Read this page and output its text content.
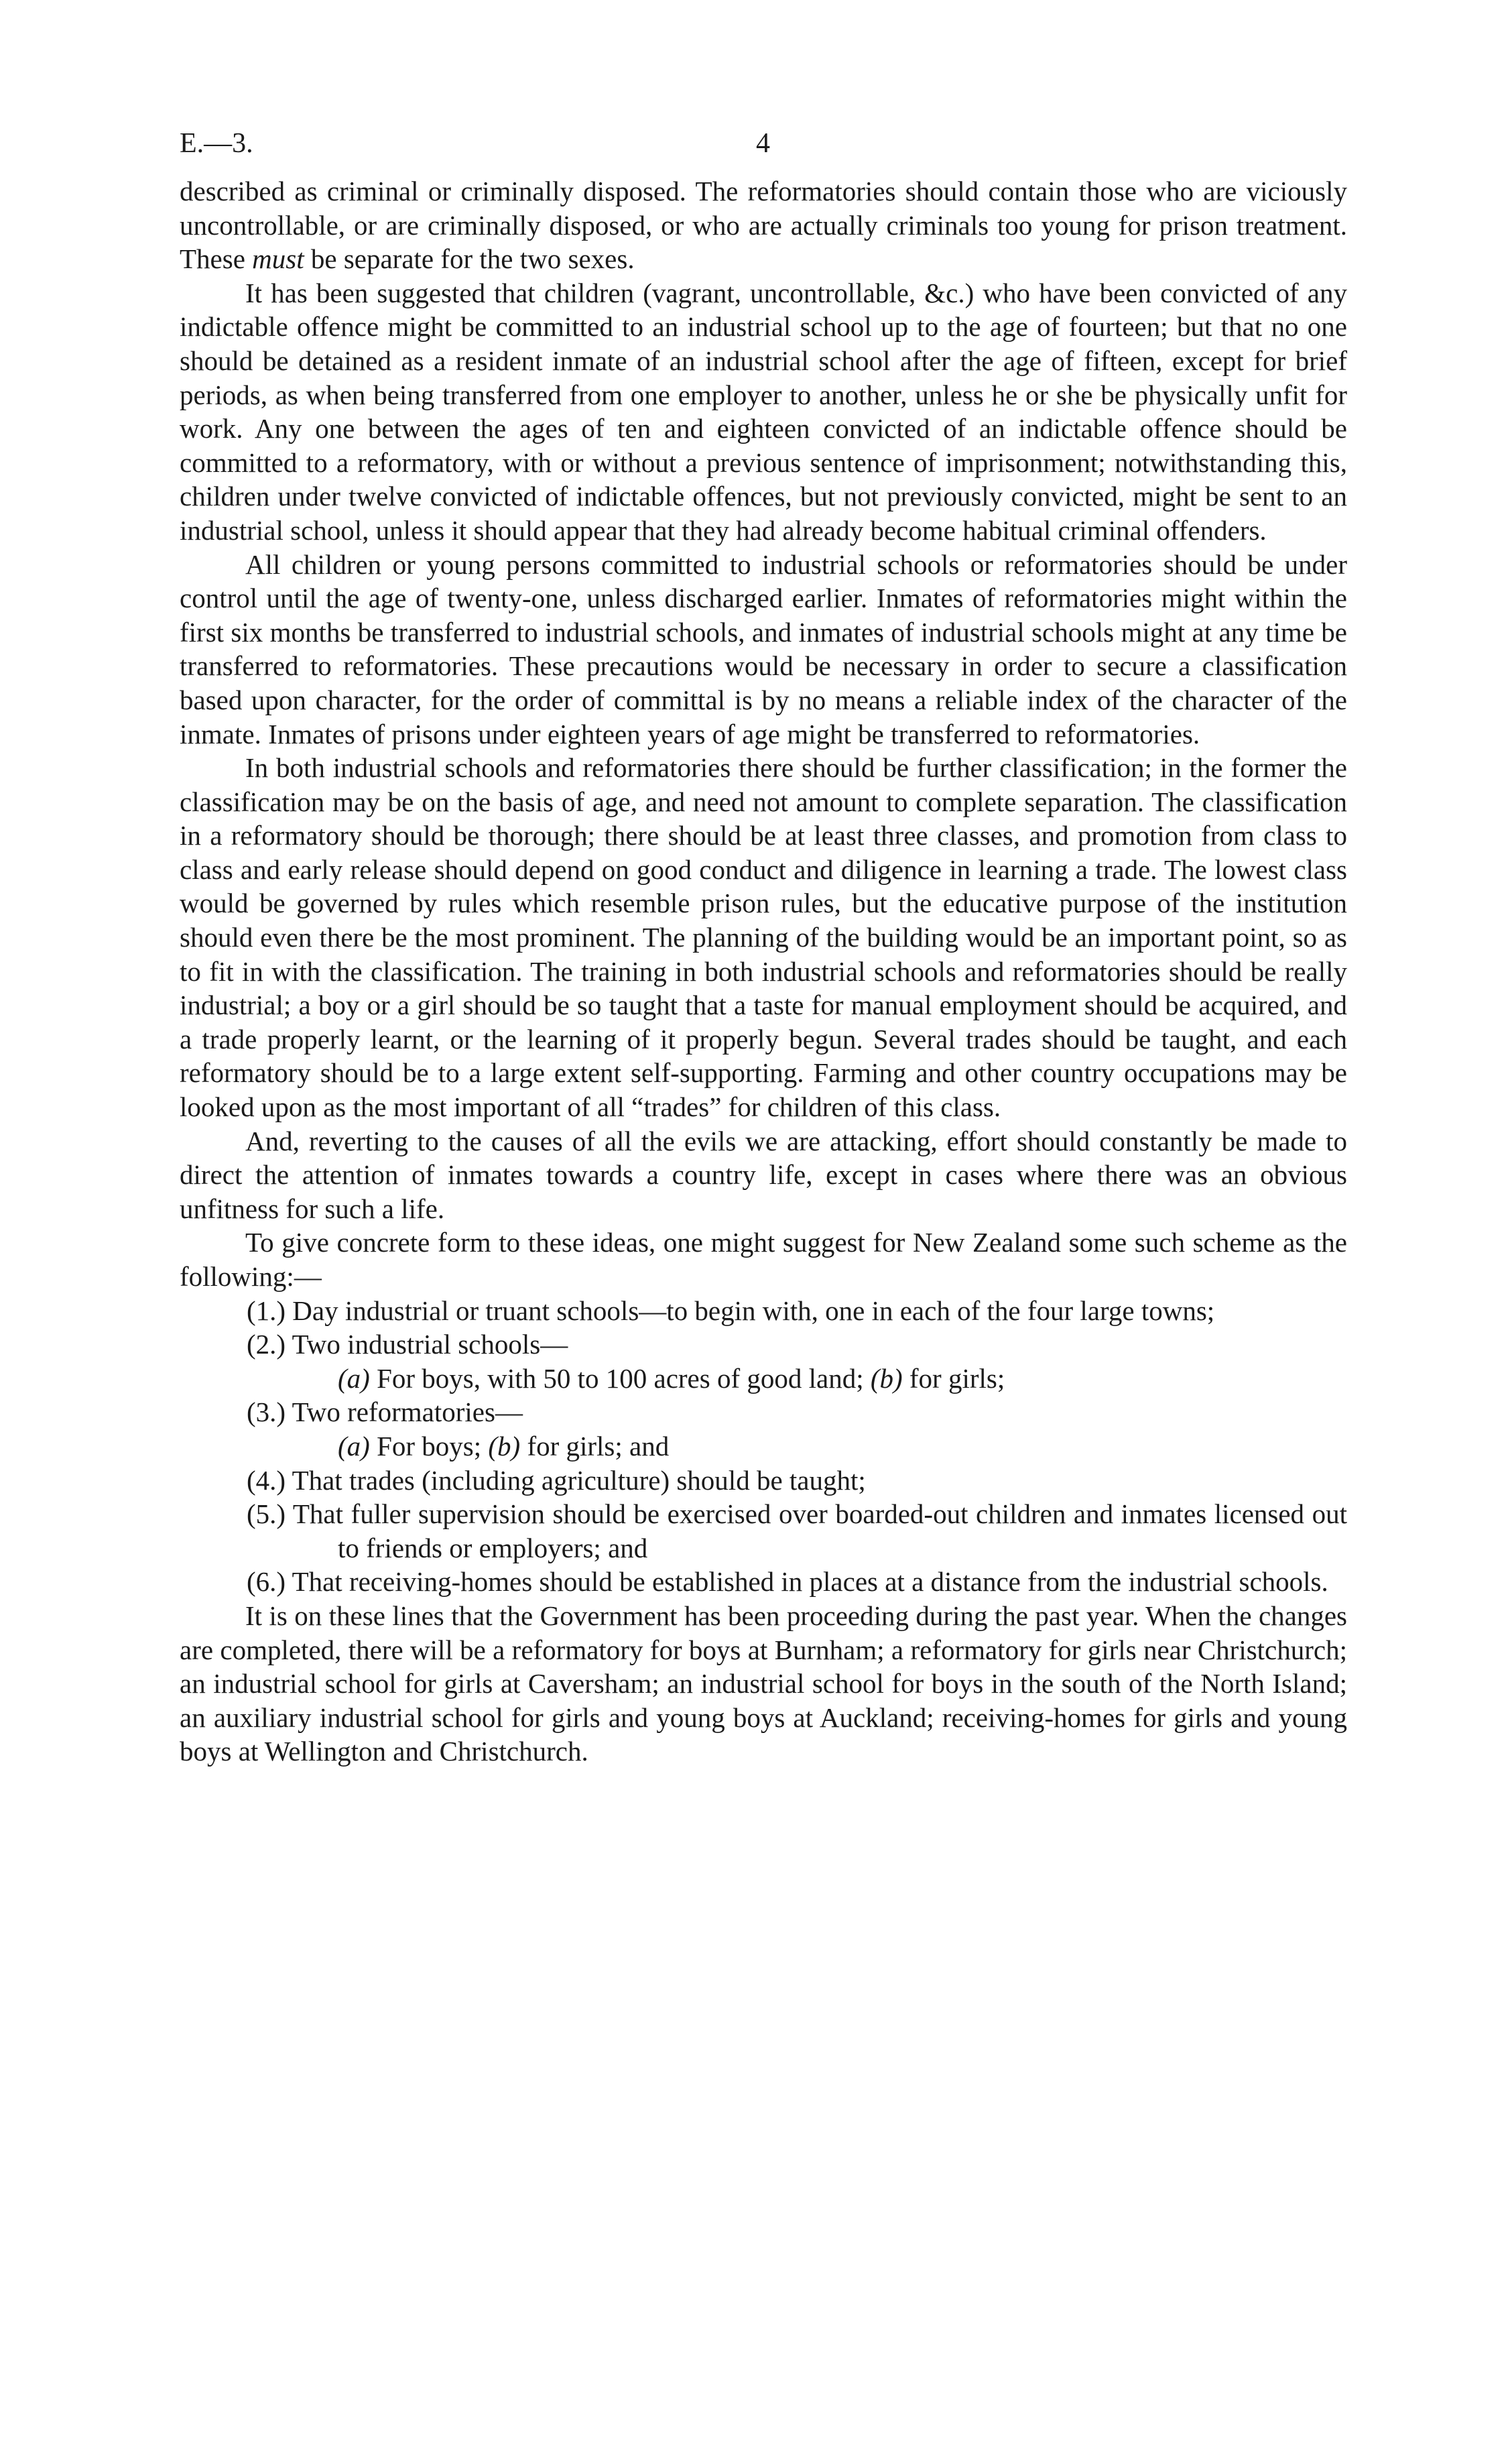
E.—3.	4

described as criminal or criminally disposed. The reformatories should contain those who are viciously uncontrollable, or are criminally disposed, or who are actually criminals too young for prison treatment. These must be separate for the two sexes.

It has been suggested that children (vagrant, uncontrollable, &c.) who have been convicted of any indictable offence might be committed to an industrial school up to the age of fourteen; but that no one should be detained as a resident inmate of an industrial school after the age of fifteen, except for brief periods, as when being transferred from one employer to another, unless he or she be physically unfit for work. Any one between the ages of ten and eighteen convicted of an indictable offence should be committed to a reformatory, with or without a previous sentence of imprisonment; notwithstanding this, children under twelve convicted of indictable offences, but not previously convicted, might be sent to an industrial school, unless it should appear that they had already become habitual criminal offenders.

All children or young persons committed to industrial schools or reformatories should be under control until the age of twenty-one, unless discharged earlier. Inmates of reformatories might within the first six months be transferred to industrial schools, and inmates of industrial schools might at any time be transferred to reformatories. These precautions would be necessary in order to secure a classification based upon character, for the order of committal is by no means a reliable index of the character of the inmate. Inmates of prisons under eighteen years of age might be transferred to reformatories.

In both industrial schools and reformatories there should be further classification; in the former the classification may be on the basis of age, and need not amount to complete separation. The classification in a reformatory should be thorough; there should be at least three classes, and promotion from class to class and early release should depend on good conduct and diligence in learning a trade. The lowest class would be governed by rules which resemble prison rules, but the educative purpose of the institution should even there be the most prominent. The planning of the building would be an important point, so as to fit in with the classification. The training in both industrial schools and reformatories should be really industrial; a boy or a girl should be so taught that a taste for manual employment should be acquired, and a trade properly learnt, or the learning of it properly begun. Several trades should be taught, and each reformatory should be to a large extent self-supporting. Farming and other country occupations may be looked upon as the most important of all “trades” for children of this class.

And, reverting to the causes of all the evils we are attacking, effort should constantly be made to direct the attention of inmates towards a country life, except in cases where there was an obvious unfitness for such a life.

To give concrete form to these ideas, one might suggest for New Zealand some such scheme as the following:—

(1.) Day industrial or truant schools—to begin with, one in each of the four large towns;
(2.) Two industrial schools—
(a) For boys, with 50 to 100 acres of good land; (b) for girls;
(3.) Two reformatories—
(a) For boys; (b) for girls; and
(4.) That trades (including agriculture) should be taught;
(5.) That fuller supervision should be exercised over boarded-out children and inmates licensed out to friends or employers; and
(6.) That receiving-homes should be established in places at a distance from the industrial schools.

It is on these lines that the Government has been proceeding during the past year. When the changes are completed, there will be a reformatory for boys at Burnham; a reformatory for girls near Christchurch; an industrial school for girls at Caversham; an industrial school for boys in the south of the North Island; an auxiliary industrial school for girls and young boys at Auckland; receiving-homes for girls and young boys at Wellington and Christchurch.
